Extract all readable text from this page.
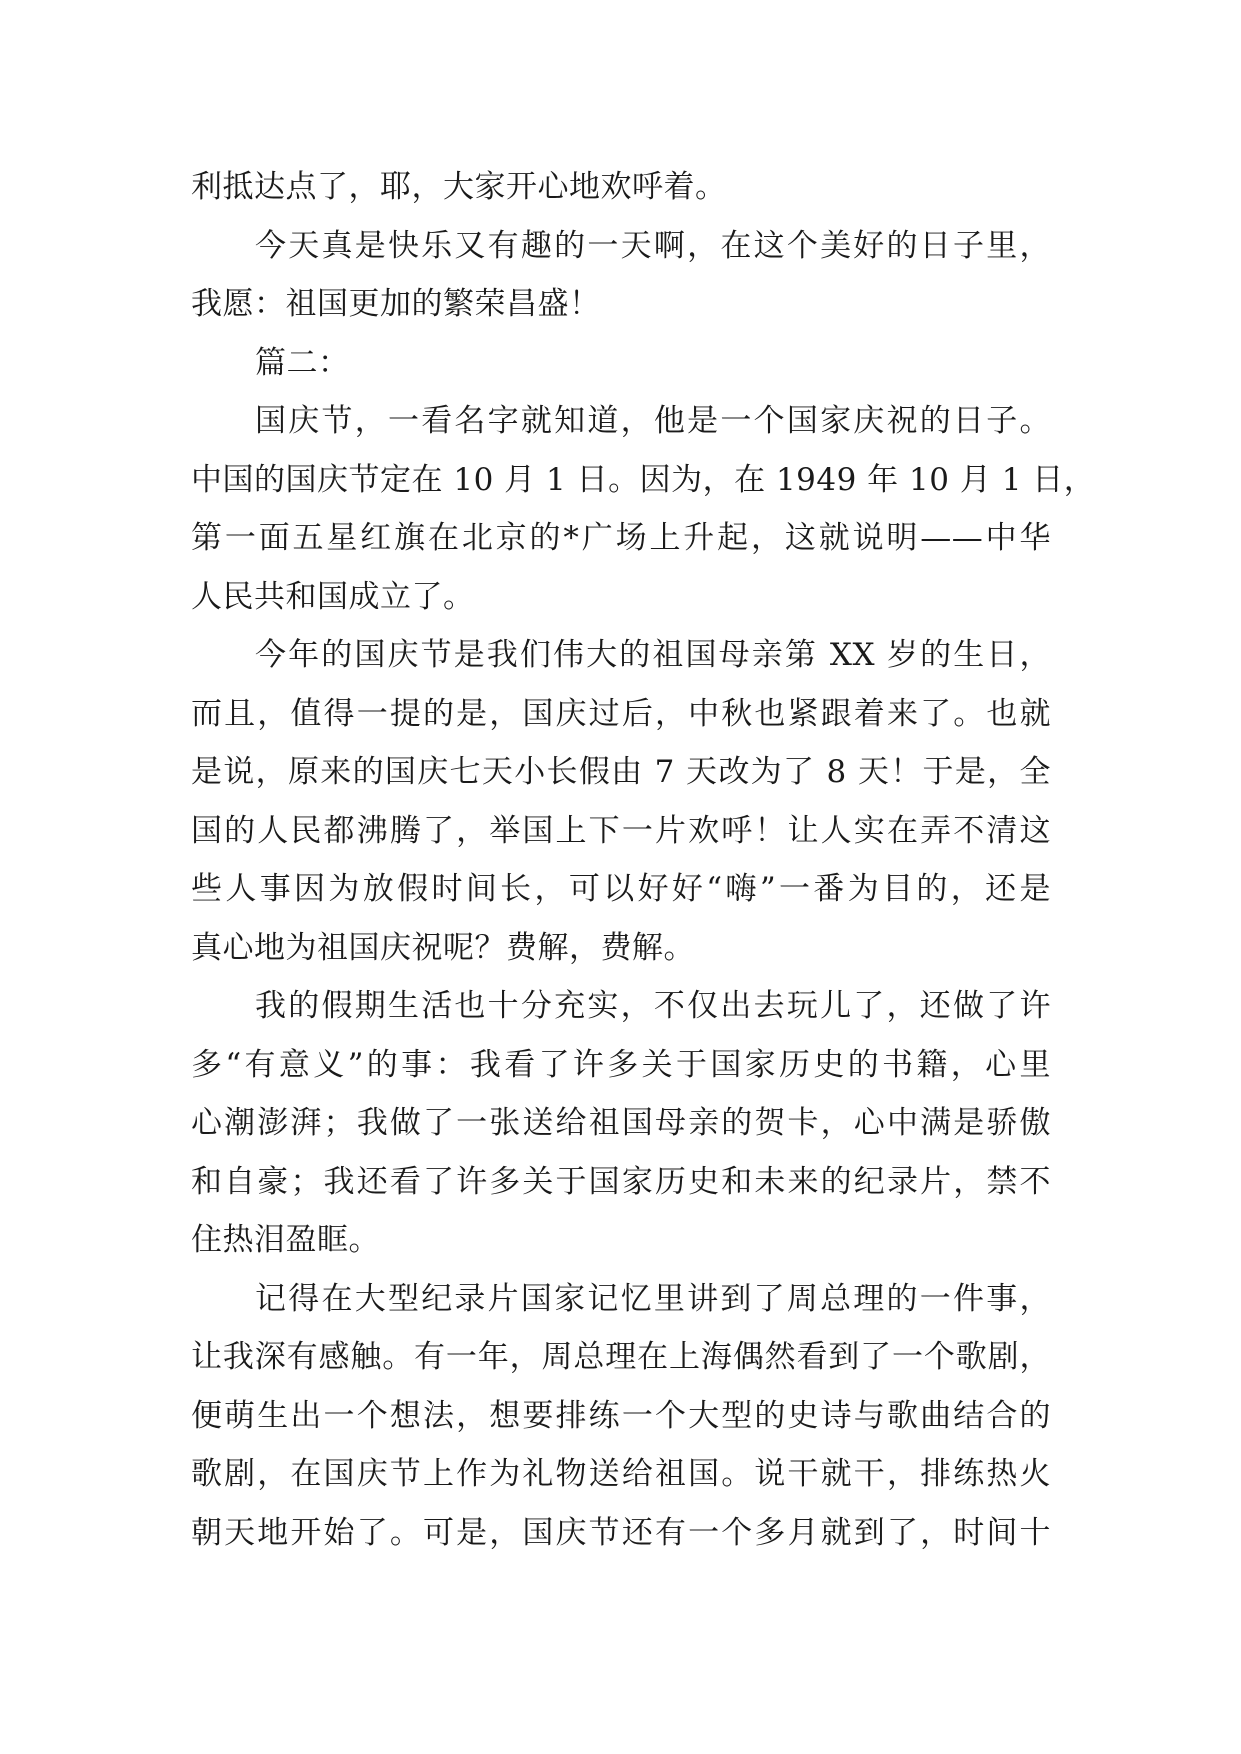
利抵达点了，耶，大家开心地欢呼着。
今天真是快乐又有趣的一天啊，在这个美好的日子里，
我愿：祖国更加的繁荣昌盛！
篇二：
国庆节，一看名字就知道，他是一个国家庆祝的日子。
中国的国庆节定在 10 月 1 日。因为，在 1949 年 10 月 1 日，
第一面五星红旗在北京的*广场上升起，这就说明——中华
人民共和国成立了。
今年的国庆节是我们伟大的祖国母亲第 XX 岁的生日，
而且，值得一提的是，国庆过后，中秋也紧跟着来了。也就
是说，原来的国庆七天小长假由 7 天改为了 8 天！于是，全
国的人民都沸腾了，举国上下一片欢呼！让人实在弄不清这
些人事因为放假时间长，可以好好“嗨”一番为目的，还是
真心地为祖国庆祝呢？费解，费解。
我的假期生活也十分充实，不仅出去玩儿了，还做了许
多“有意义”的事：我看了许多关于国家历史的书籍，心里
心潮澎湃；我做了一张送给祖国母亲的贺卡，心中满是骄傲
和自豪；我还看了许多关于国家历史和未来的纪录片，禁不
住热泪盈眶。
记得在大型纪录片国家记忆里讲到了周总理的一件事，
让我深有感触。有一年，周总理在上海偶然看到了一个歌剧，
便萌生出一个想法，想要排练一个大型的史诗与歌曲结合的
歌剧，在国庆节上作为礼物送给祖国。说干就干，排练热火
朝天地开始了。可是，国庆节还有一个多月就到了，时间十
